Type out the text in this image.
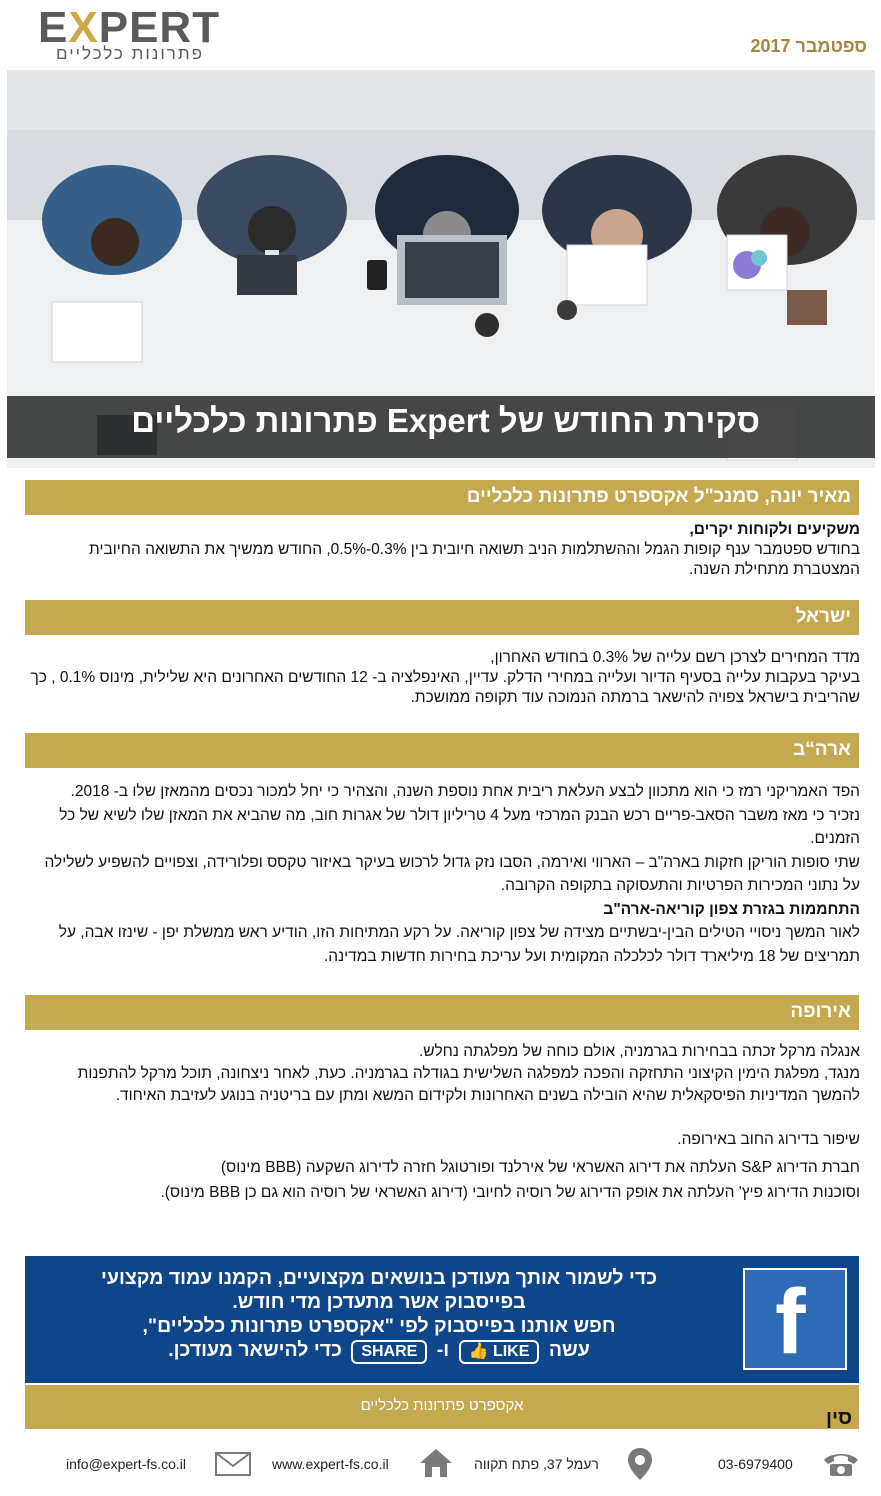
EXPERT
פתרונות כלכליים	ספטמבר 2017
סקירת החודש של Expert פתרונות כלכליים
מאיר יונה, סמנכ"ל אקספרט פתרונות כלכליים
משקיעים ולקוחות יקרים,
בחודש ספטמבר ענף קופות הגמל וההשתלמות הניב תשואה חיובית בין 0.3%-0.5%, החודש ממשיך את התשואה החיובית המצטברת מתחילת השנה.
ישראל
מדד המחירים לצרכן רשם עלייה של 0.3% בחודש האחרון,
בעיקר בעקבות עלייה בסעיף הדיור ועלייה במחירי הדלק. עדיין, האינפלציה ב- 12 החודשים האחרונים היא שלילית, מינוס 0.1% , כך שהריבית בישראל צפויה להישאר ברמתה הנמוכה עוד תקופה ממושכת.
ארה“ב
הפד האמריקני רמז כי הוא מתכוון לבצע העלאת ריבית אחת נוספת השנה, והצהיר כי יחל למכור נכסים מהמאזן שלו ב- 2018.
נזכיר כי מאז משבר הסאב-פריים רכש הבנק המרכזי מעל 4 טריליון דולר של אגרות חוב, מה שהביא את המאזן שלו לשיא של כל הזמנים.
שתי סופות הוריקן חזקות בארה"ב – הארווי ואירמה, הסבו נזק גדול לרכוש בעיקר באיזור טקסס ופלורידה, וצפויים להשפיע לשלילה על נתוני המכירות הפרטיות והתעסוקה בתקופה הקרובה.
התחממות בגזרת צפון קוריאה-ארה"ב
לאור המשך ניסויי הטילים הבין-יבשתיים מצידה של צפון קוריאה. על רקע המתיחות הזו, הודיע ראש ממשלת יפן - שינזו אבה, על תמריצים של 18 מיליארד דולר לכלכלה המקומית ועל עריכת בחירות חדשות במדינה.
אירופה
אנגלה מרקל זכתה בבחירות בגרמניה, אולם כוחה של מפלגתה נחלש.
מנגד, מפלגת הימין הקיצוני התחזקה והפכה למפלגה השלישית בגודלה בגרמניה. כעת, לאחר ניצחונה, תוכל מרקל להתפנות להמשך המדיניות הפיסקאלית שהיא הובילה בשנים האחרונות ולקידום המשא ומתן עם בריטניה בנוגע לעזיבת האיחוד.
שיפור בדירוג החוב באירופה.
חברת הדירוג S&P העלתה את דירוג האשראי של אירלנד ופורטוגל חזרה לדירוג השקעה (BBB מינוס)
וסוכנות הדירוג פיץ' העלתה את אופק הדירוג של רוסיה לחיובי (דירוג האשראי של רוסיה הוא גם כן BBB מינוס).
f
כדי לשמור אותך מעודכן בנושאים מקצועיים, הקמנו עמוד מקצועי
בפייסבוק אשר מתעדכן מדי חודש.
חפש אותנו בפייסבוק לפי "אקספרט פתרונות כלכליים",
עשה 👍 LIKE ו- SHARE כדי להישאר מעודכן.
אקספרט פתרונות כלכליים
סין
info@expert-fs.co.il	www.expert-fs.co.il	רעמל 37, פתח תקווה	03-6979400
